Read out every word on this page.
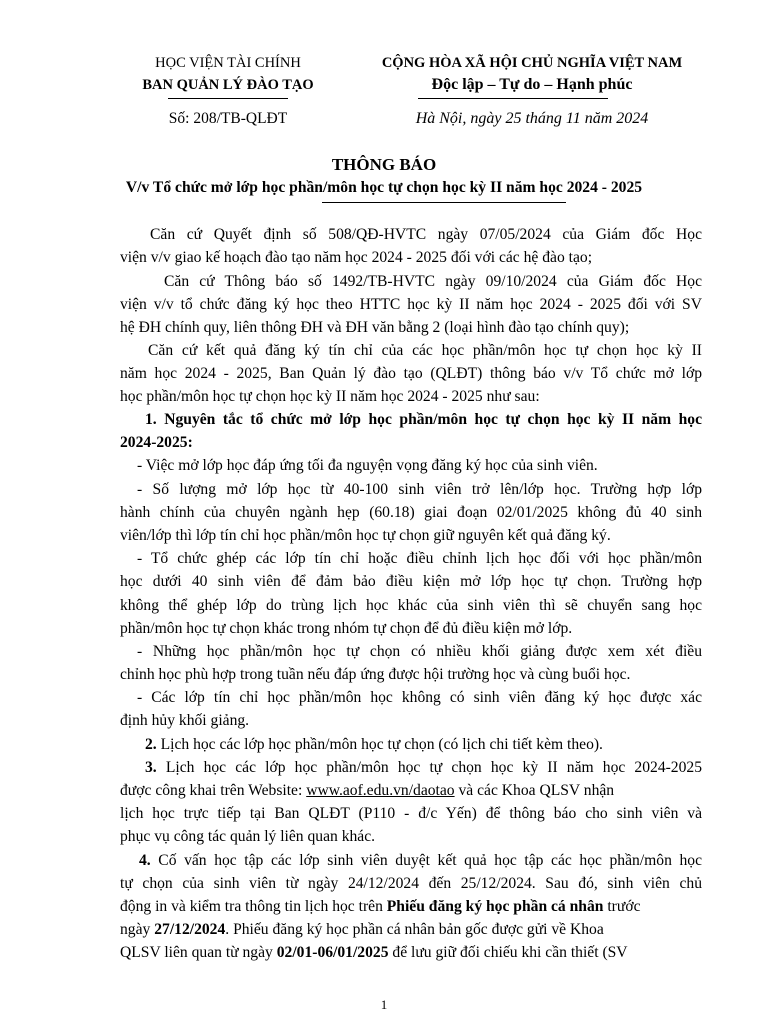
HỌC VIỆN TÀI CHÍNH
BAN QUẢN LÝ ĐÀO TẠO
Số: 208/TB-QLĐT
CỘNG HÒA XÃ HỘI CHỦ NGHĨA VIỆT NAM
Độc lập – Tự do – Hạnh phúc
Hà Nội, ngày 25 tháng 11 năm 2024
THÔNG BÁO
V/v Tổ chức mở lớp học phần/môn học tự chọn học kỳ II năm học 2024 - 2025
Căn cứ Quyết định số 508/QĐ-HVTC ngày 07/05/2024 của Giám đốc Học
viện v/v giao kế hoạch đào tạo năm học 2024 - 2025 đối với các hệ đào tạo;
Căn cứ Thông báo số 1492/TB-HVTC ngày 09/10/2024 của Giám đốc Học
viện v/v tổ chức đăng ký học theo HTTC học kỳ II năm học 2024 - 2025 đối với SV
hệ ĐH chính quy, liên thông ĐH và ĐH văn bằng 2 (loại hình đào tạo chính quy);
Căn cứ kết quả đăng ký tín chỉ của các học phần/môn học tự chọn học kỳ II
năm học 2024 - 2025, Ban Quản lý đào tạo (QLĐT) thông báo v/v Tổ chức mở lớp
học phần/môn học tự chọn học kỳ II năm học 2024 - 2025 như sau:
1. Nguyên tắc tổ chức mở lớp học phần/môn học tự chọn học kỳ II năm học
2024-2025:
- Việc mở lớp học đáp ứng tối đa nguyện vọng đăng ký học của sinh viên.
- Số lượng mở lớp học từ 40-100 sinh viên trở lên/lớp học. Trường hợp lớp
hành chính của chuyên ngành hẹp (60.18) giai đoạn 02/01/2025 không đủ 40 sinh
viên/lớp thì lớp tín chỉ học phần/môn học tự chọn giữ nguyên kết quả đăng ký.
- Tổ chức ghép các lớp tín chỉ hoặc điều chỉnh lịch học đối với học phần/môn
học dưới 40 sinh viên để đảm bảo điều kiện mở lớp học tự chọn. Trường hợp
không thể ghép lớp do trùng lịch học khác của sinh viên thì sẽ chuyển sang học
phần/môn học tự chọn khác trong nhóm tự chọn để đủ điều kiện mở lớp.
- Những học phần/môn học tự chọn có nhiều khối giảng được xem xét điều
chỉnh học phù hợp trong tuần nếu đáp ứng được hội trường học và cùng buổi học.
- Các lớp tín chỉ học phần/môn học không có sinh viên đăng ký học được xác
định hủy khối giảng.
2. Lịch học các lớp học phần/môn học tự chọn (có lịch chi tiết kèm theo).
3. Lịch học các lớp học phần/môn học tự chọn học kỳ II năm học 2024-2025
được công khai trên Website: www.aof.edu.vn/daotao và các Khoa QLSV nhận
lịch học trực tiếp tại Ban QLĐT (P110 - đ/c Yến) để thông báo cho sinh viên và
phục vụ công tác quản lý liên quan khác.
4. Cố vấn học tập các lớp sinh viên duyệt kết quả học tập các học phần/môn học
tự chọn của sinh viên từ ngày 24/12/2024 đến 25/12/2024. Sau đó, sinh viên chủ
động in và kiểm tra thông tin lịch học trên Phiếu đăng ký học phần cá nhân trước
ngày 27/12/2024. Phiếu đăng ký học phần cá nhân bản gốc được gửi về Khoa
QLSV liên quan từ ngày 02/01-06/01/2025 để lưu giữ đối chiếu khi cần thiết (SV
1
